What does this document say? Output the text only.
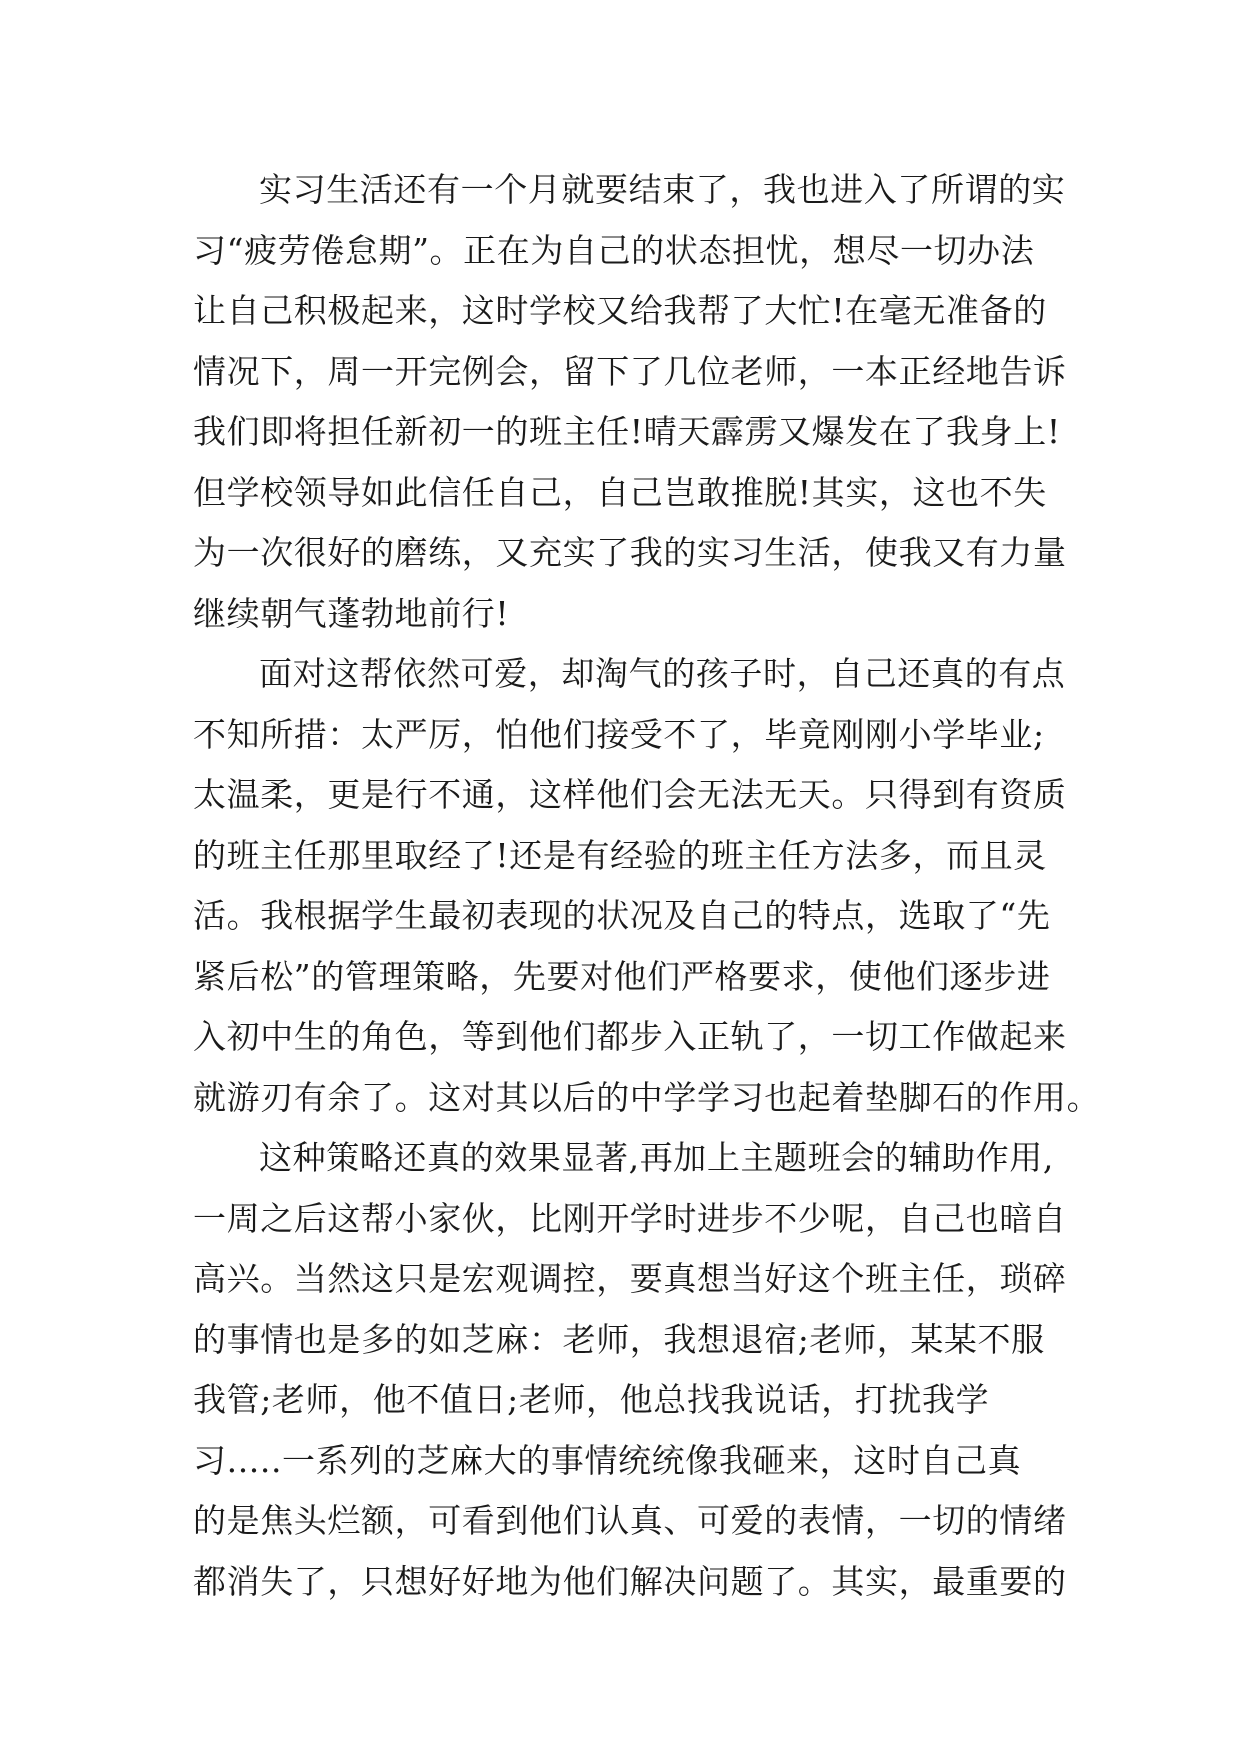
实习生活还有一个月就要结束了，我也进入了所谓的实
习“疲劳倦怠期”。正在为自己的状态担忧，想尽一切办法
让自己积极起来，这时学校又给我帮了大忙!在毫无准备的
情况下，周一开完例会，留下了几位老师，一本正经地告诉
我们即将担任新初一的班主任!晴天霹雳又爆发在了我身上!
但学校领导如此信任自己，自己岂敢推脱!其实，这也不失
为一次很好的磨练，又充实了我的实习生活，使我又有力量
继续朝气蓬勃地前行!
面对这帮依然可爱，却淘气的孩子时，自己还真的有点
不知所措：太严厉，怕他们接受不了，毕竟刚刚小学毕业;
太温柔，更是行不通，这样他们会无法无天。只得到有资质
的班主任那里取经了!还是有经验的班主任方法多，而且灵
活。我根据学生最初表现的状况及自己的特点，选取了“先
紧后松”的管理策略，先要对他们严格要求，使他们逐步进
入初中生的角色，等到他们都步入正轨了，一切工作做起来
就游刃有余了。这对其以后的中学学习也起着垫脚石的作用。
这种策略还真的效果显著,再加上主题班会的辅助作用,
一周之后这帮小家伙，比刚开学时进步不少呢，自己也暗自
高兴。当然这只是宏观调控，要真想当好这个班主任，琐碎
的事情也是多的如芝麻：老师，我想退宿;老师，某某不服
我管;老师，他不值日;老师，他总找我说话，打扰我学
习.....一系列的芝麻大的事情统统像我砸来，这时自己真
的是焦头烂额，可看到他们认真、可爱的表情，一切的情绪
都消失了，只想好好地为他们解决问题了。其实，最重要的
